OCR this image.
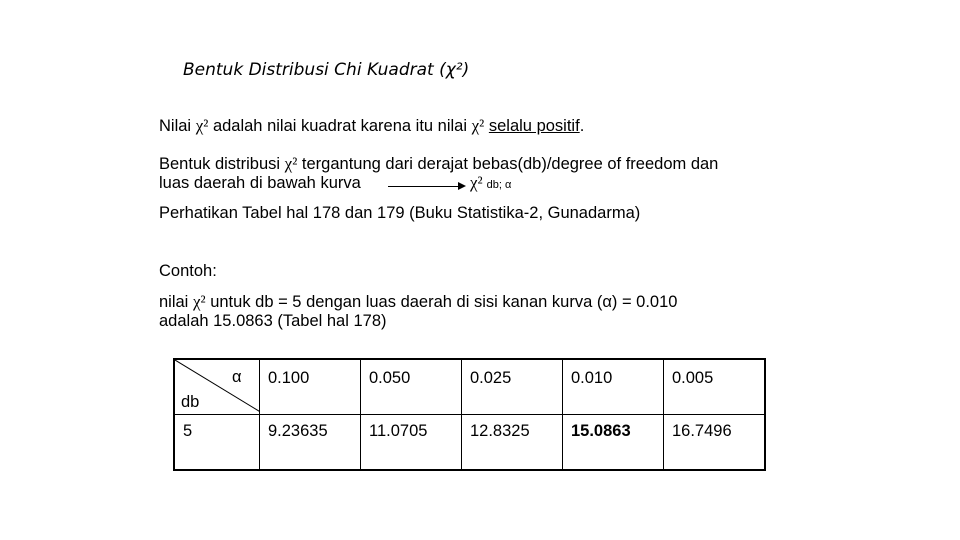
Bentuk Distribusi Chi Kuadrat (χ²)
Nilai χ² adalah nilai kuadrat karena itu nilai χ² selalu positif.
Bentuk distribusi χ² tergantung dari derajat bebas(db)/degree of freedom dan
luas daerah di bawah kurva	χ² db; α
Perhatikan Tabel hal 178 dan 179 (Buku Statistika-2, Gunadarma)
Contoh:
nilai χ² untuk db = 5 dengan luas daerah di sisi kanan kurva (α) = 0.010
adalah 15.0863 (Tabel hal 178)
α
db	0.100	0.050	0.025	0.010	0.005

5	9.23635	11.0705	12.8325	15.0863	16.7496
